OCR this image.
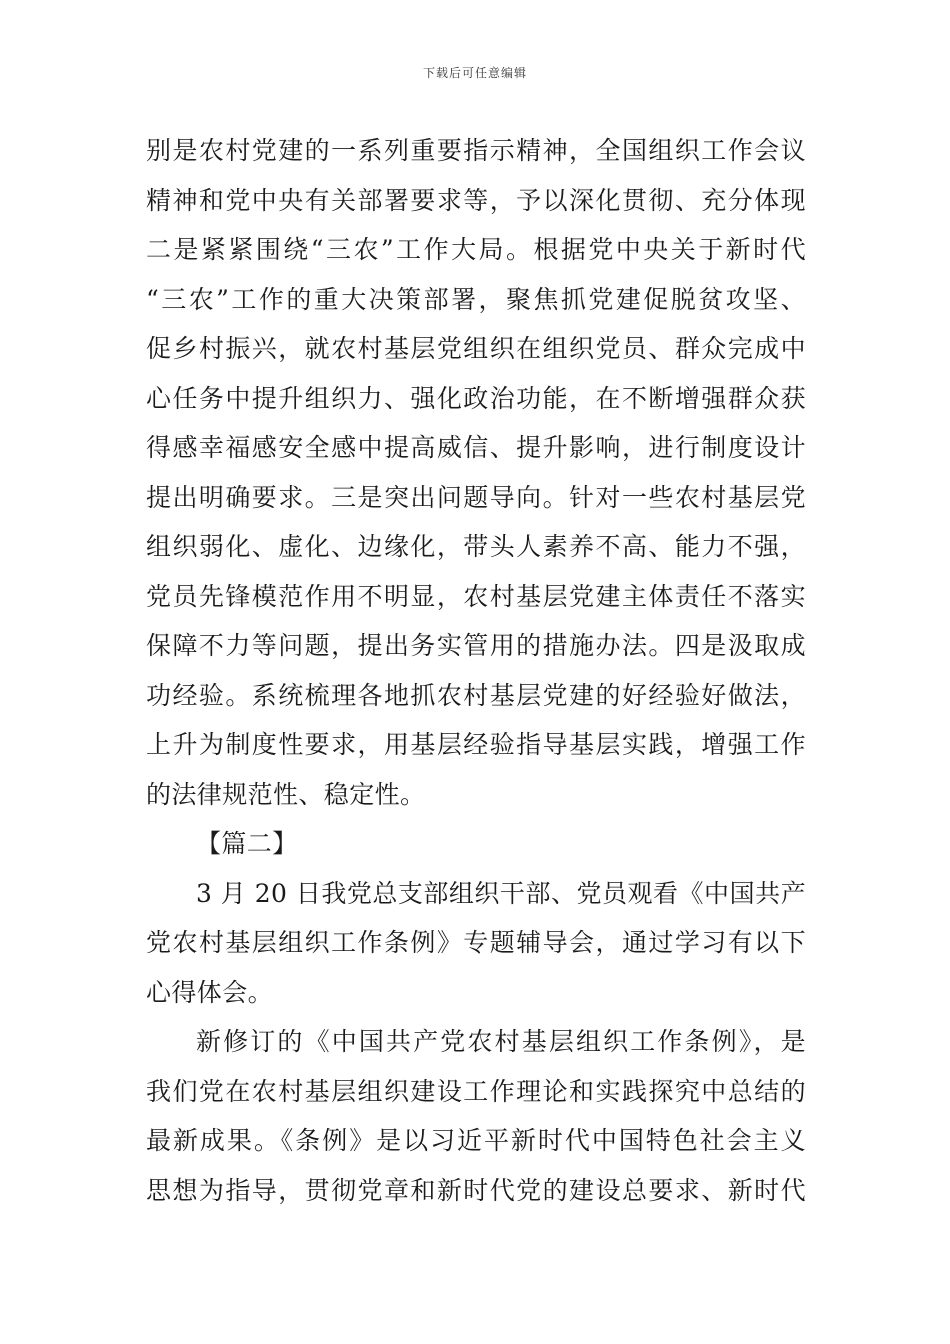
下载后可任意编辑
别是农村党建的一系列重要指示精神，全国组织工作会议
精神和党中央有关部署要求等，予以深化贯彻、充分体现
二是紧紧围绕“三农”工作大局。根据党中央关于新时代
“三农”工作的重大决策部署，聚焦抓党建促脱贫攻坚、
促乡村振兴，就农村基层党组织在组织党员、群众完成中
心任务中提升组织力、强化政治功能，在不断增强群众获
得感幸福感安全感中提高威信、提升影响，进行制度设计
提出明确要求。三是突出问题导向。针对一些农村基层党
组织弱化、虚化、边缘化，带头人素养不高、能力不强，
党员先锋模范作用不明显，农村基层党建主体责任不落实
保障不力等问题，提出务实管用的措施办法。四是汲取成
功经验。系统梳理各地抓农村基层党建的好经验好做法，
上升为制度性要求，用基层经验指导基层实践，增强工作
的法律规范性、稳定性。
【篇二】
3 月 20 日我党总支部组织干部、党员观看《中国共产
党农村基层组织工作条例》专题辅导会，通过学习有以下
心得体会。
新修订的《中国共产党农村基层组织工作条例》，是
我们党在农村基层组织建设工作理论和实践探究中总结的
最新成果。《条例》是以习近平新时代中国特色社会主义
思想为指导，贯彻党章和新时代党的建设总要求、新时代
